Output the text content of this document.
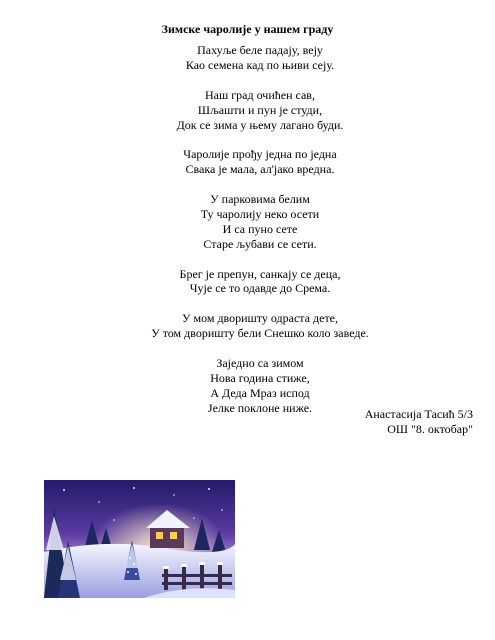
Зимске чаролије у нашем граду
Пахуље беле падају, вeју
Као семена кад по њиви сеју.
Наш град очићен сав,
Шљашти и пун је студи,
Док се зима у њему лагано буди.
Чаролије прођу једна по једна
Свака је мала, ал'јако вредна.
У парковима белим
Ту чаролију неко осети
И са пуно сете
Старе љубави се сети.
Брег је препун, санкају се деца,
Чује се то одавде до Срема.
У мом дворишту одраста дете,
У том дворишту бели Снешко коло заведе.
Заједно са зимом
Нова година стиже,
А Деда Мраз испод
Јелке поклоне ниже.	Анастасија Тасић 5/3
ОШ "8. октобар"
